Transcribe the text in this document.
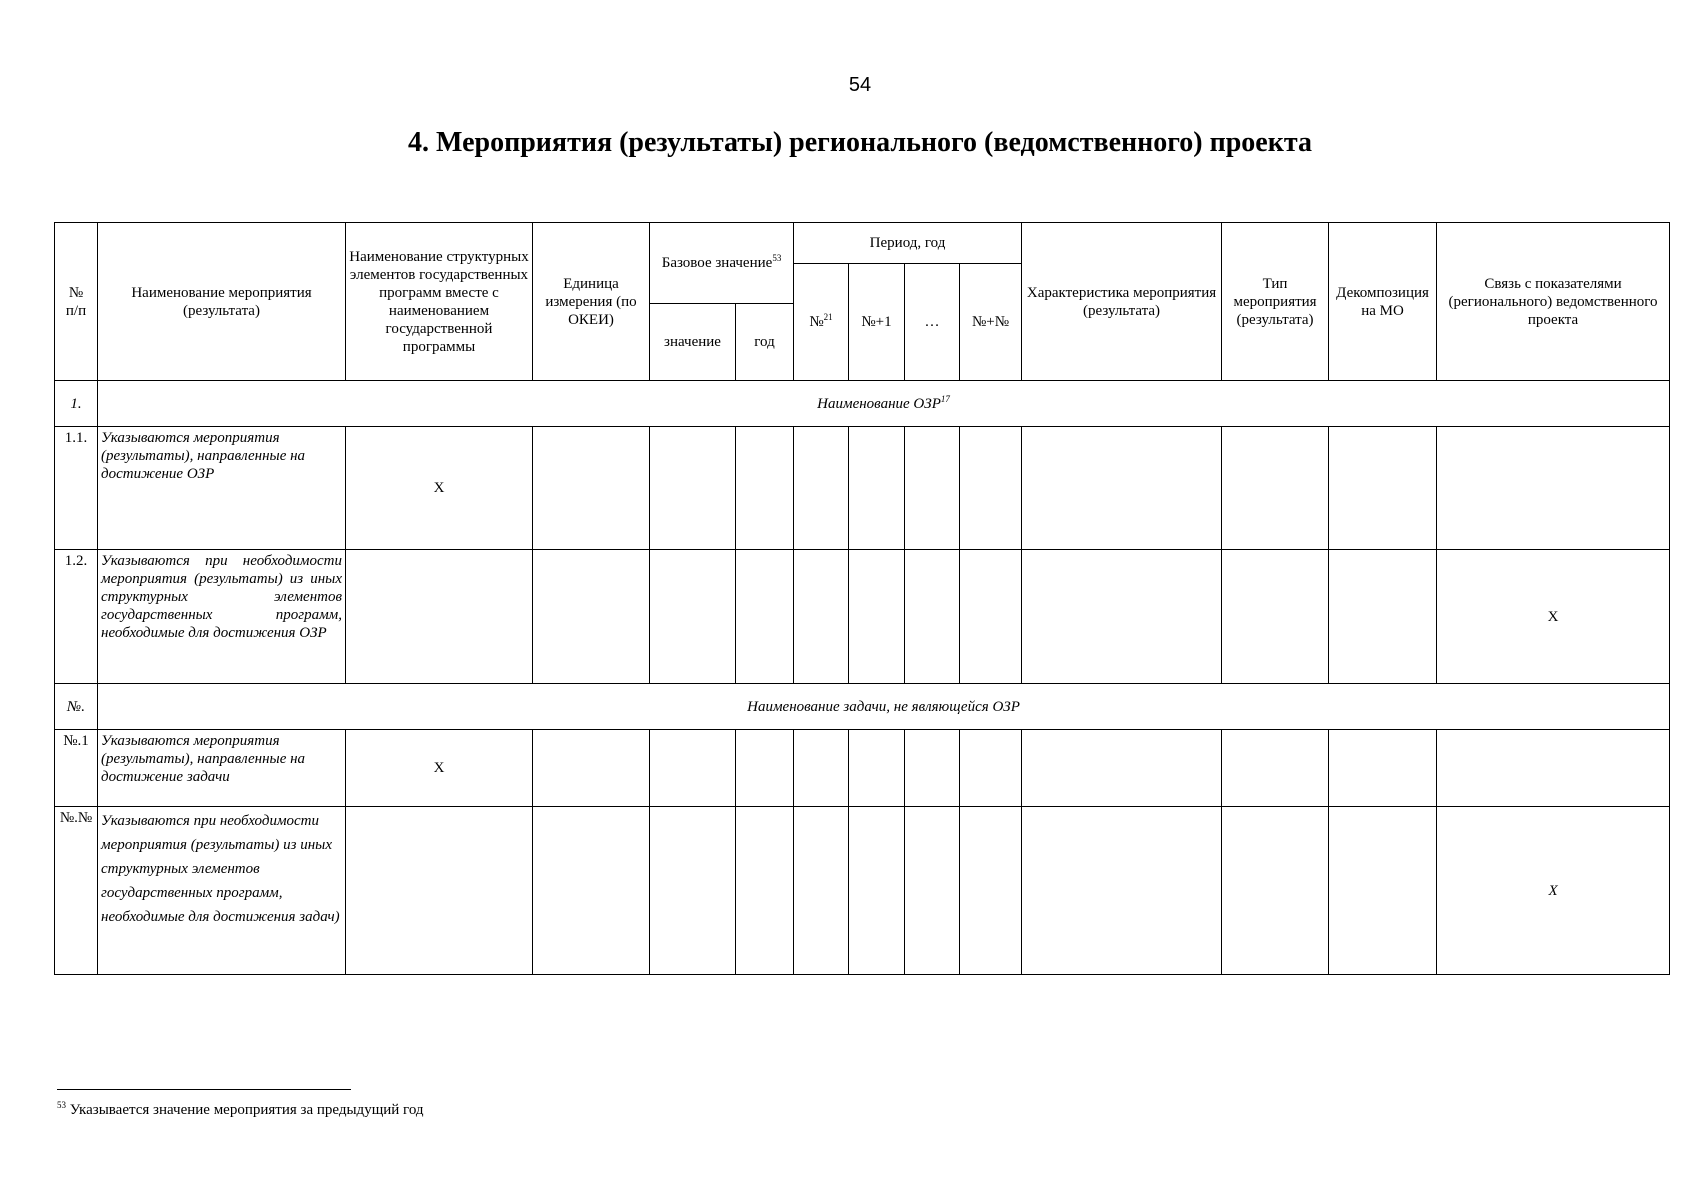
54
4. Мероприятия (результаты) регионального (ведомственного) проекта
№
п/п	Наименование мероприятия (результата)	Наименование структурных элементов государственных программ вместе с наименованием государственной программы	Единица измерения (по ОКЕИ)	Базовое значение$^{53}$		Период, год				Характеристика мероприятия (результата)	Тип мероприятия (результата)	Декомпозиция на МО	Связь с показателями (регионального) ведомственного проекта
						№$^{21}$	№+1	…	№+№				
				значение	год								
1.	Наименование ОЗР$^{17}$
1.1.	Указываются мероприятия (результаты), направленные на достижение ОЗР	X											
1.2.	Указываются при необходимости мероприятия (результаты) из иных структурных элементов государственных программ, необходимые для достижения ОЗР												X
№.	Наименование задачи, не являющейся ОЗР												
№.1	Указываются мероприятия (результаты), направленные на достижение задачи	X											
№.№	Указываются при необходимости мероприятия (результаты) из иных структурных элементов государственных программ, необходимые для достижения задач)												X
$^{53}$ Указывается значение мероприятия за предыдущий год
